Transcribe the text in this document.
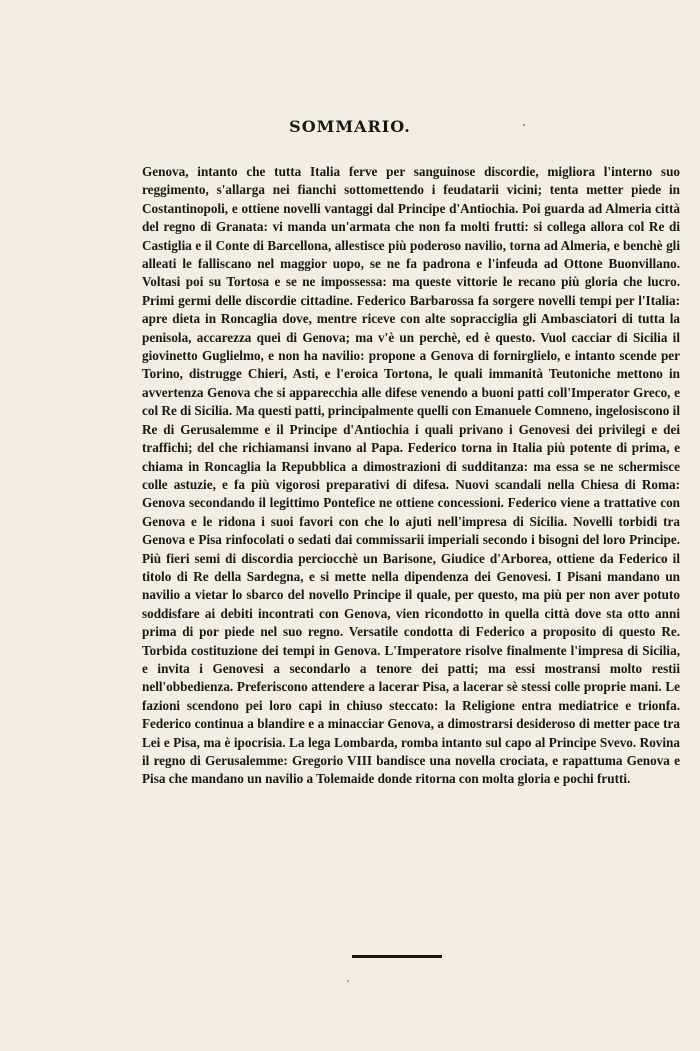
SOMMARIO.

Genova, intanto che tutta Italia ferve per sanguinose discordie, migliora l'interno suo reggimento, s'allarga nei fianchi sottomettendo i feudatarii vicini; tenta metter piede in Costantinopoli, e ottiene novelli vantaggi dal Principe d'Antiochia. Poi guarda ad Almeria città del regno di Granata: vi manda un'armata che non fa molti frutti: si collega allora col Re di Castiglia e il Conte di Barcellona, allestisce più poderoso navilio, torna ad Almeria, e benchè gli alleati le falliscano nel maggior uopo, se ne fa padrona e l'infeuda ad Ottone Buonvillano. Voltasi poi su Tortosa e se ne impossessa: ma queste vittorie le recano più gloria che lucro. Primi germi delle discordie cittadine. Federico Barbarossa fa sorgere novelli tempi per l'Italia: apre dieta in Roncaglia dove, mentre riceve con alte sopracciglia gli Ambasciatori di tutta la penisola, accarezza quei di Genova; ma v'è un perchè, ed è questo. Vuol cacciar di Sicilia il giovinetto Guglielmo, e non ha navilio: propone a Genova di fornirglielo, e intanto scende per Torino, distrugge Chieri, Asti, e l'eroica Tortona, le quali immanità Teutoniche mettono in avvertenza Genova che si apparecchia alle difese venendo a buoni patti coll'Imperator Greco, e col Re di Sicilia. Ma questi patti, principalmente quelli con Emanuele Comneno, ingelosiscono il Re di Gerusalemme e il Principe d'Antiochia i quali privano i Genovesi dei privilegi e dei traffichi; del che richiamansi invano al Papa. Federico torna in Italia più potente di prima, e chiama in Roncaglia la Repubblica a dimostrazioni di sudditanza: ma essa se ne schermisce colle astuzie, e fa più vigorosi preparativi di difesa. Nuovi scandali nella Chiesa di Roma: Genova secondando il legittimo Pontefice ne ottiene concessioni. Federico viene a trattative con Genova e le ridona i suoi favori con che lo ajuti nell'impresa di Sicilia. Novelli torbidi tra Genova e Pisa rinfocolati o sedati dai commissarii imperiali secondo i bisogni del loro Principe. Più fieri semi di discordia perciocchè un Barisone, Giudice d'Arborea, ottiene da Federico il titolo di Re della Sardegna, e si mette nella dipendenza dei Genovesi. I Pisani mandano un navilio a vietar lo sbarco del novello Principe il quale, per questo, ma più per non aver potuto soddisfare ai debiti incontrati con Genova, vien ricondotto in quella città dove sta otto anni prima di por piede nel suo regno. Versatile condotta di Federico a proposito di questo Re. Torbida costituzione dei tempi in Genova. L'Imperatore risolve finalmente l'impresa di Sicilia, e invita i Genovesi a secondarlo a tenore dei patti; ma essi mostransi molto restii nell'obbedienza. Preferiscono attendere a lacerar Pisa, a lacerar sè stessi colle proprie mani. Le fazioni scendono pei loro capi in chiuso steccato: la Religione entra mediatrice e trionfa. Federico continua a blandire e a minacciar Genova, a dimostrarsi desideroso di metter pace tra Lei e Pisa, ma è ipocrisia. La lega Lombarda, romba intanto sul capo al Principe Svevo. Rovina il regno di Gerusalemme: Gregorio VIII bandisce una novella crociata, e rapattuma Genova e Pisa che mandano un navilio a Tolemaide donde ritorna con molta gloria e pochi frutti.

ˋ
